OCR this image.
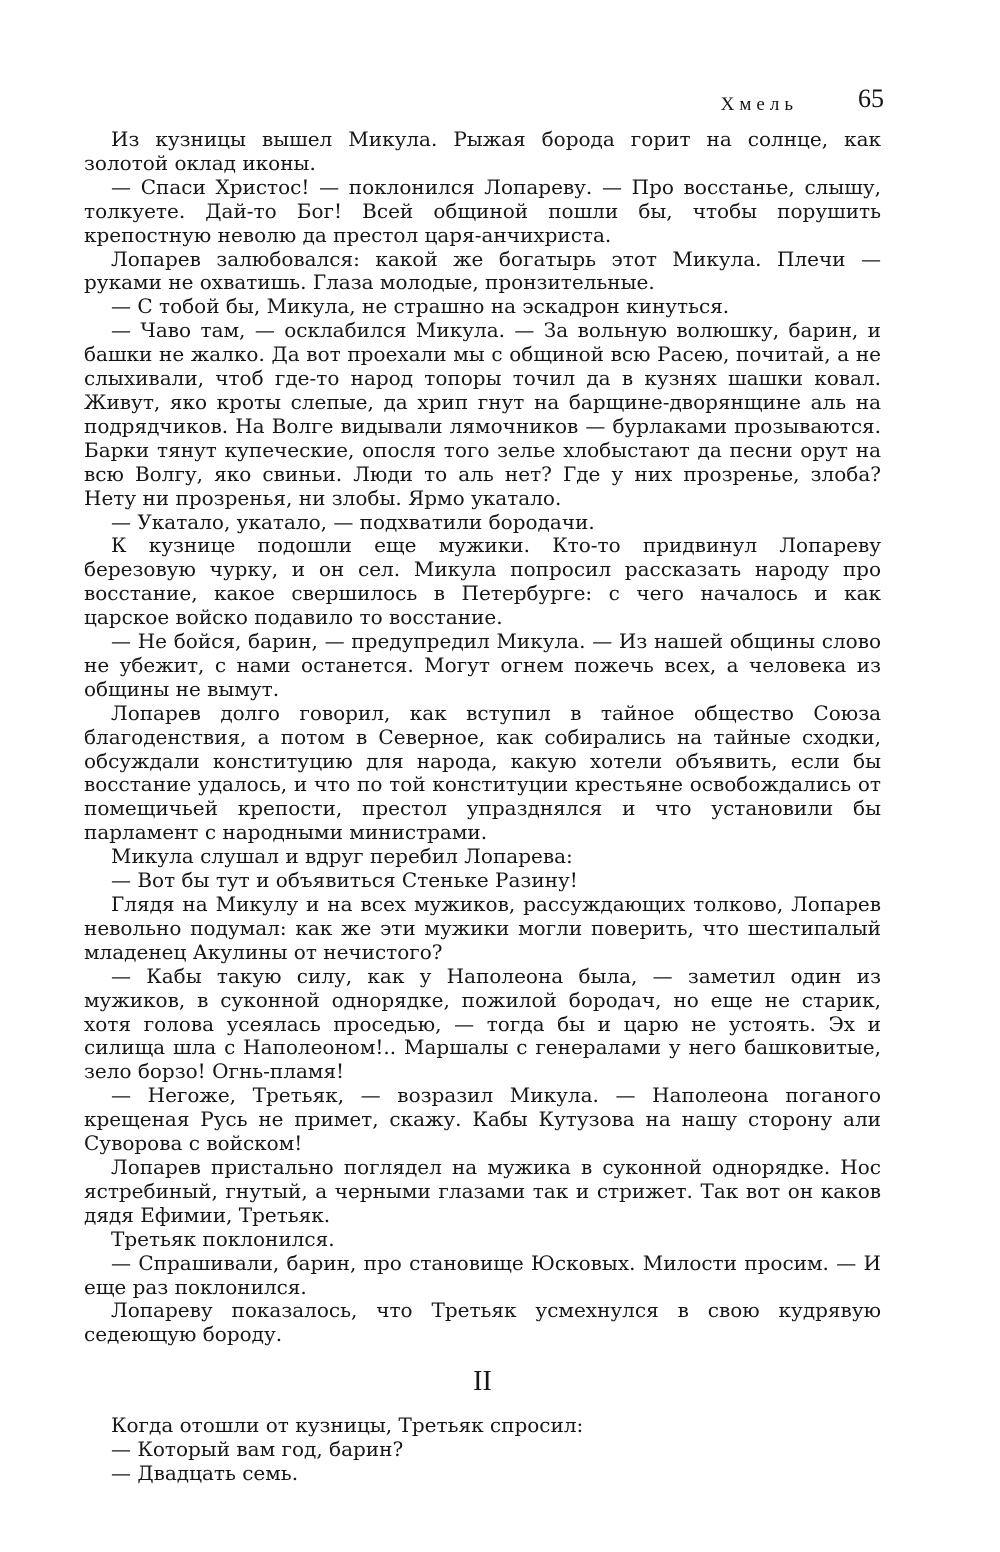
Хмель 65

Из кузницы вышел Микула. Рыжая борода горит на солнце, как золотой оклад иконы.

— Спаси Христос! — поклонился Лопареву. — Про восстанье, слышу, толкуете. Дай-то Бог! Всей общиной пошли бы, чтобы порушить крепостную неволю да престол царя-анчихриста.

Лопарев залюбовался: какой же богатырь этот Микула. Плечи — руками не охватишь. Глаза молодые, пронзительные.

— С тобой бы, Микула, не страшно на эскадрон кинуться.

— Чаво там, — осклабился Микула. — За вольную волюшку, барин, и башки не жалко. Да вот проехали мы с общиной всю Расею, почитай, а не слыхивали, чтоб где-то народ топоры точил да в кузнях шашки ковал. Живут, яко кроты слепые, да хрип гнут на барщине-дворянщине аль на подрядчиков. На Волге видывали лямочников — бурлаками прозываются. Барки тянут купеческие, опосля того зелье хлобыстают да песни орут на всю Волгу, яко свиньи. Люди то аль нет? Где у них прозренье, злоба? Нету ни прозренья, ни злобы. Ярмо укатало.

— Укатало, укатало, — подхватили бородачи.

К кузнице подошли еще мужики. Кто-то придвинул Лопареву березовую чурку, и он сел. Микула попросил рассказать народу про восстание, какое свершилось в Петербурге: с чего началось и как царское войско подавило то восстание.

— Не бойся, барин, — предупредил Микула. — Из нашей общины слово не убежит, с нами останется. Могут огнем пожечь всех, а человека из общины не вымут.

Лопарев долго говорил, как вступил в тайное общество Союза благоденствия, а потом в Северное, как собирались на тайные сходки, обсуждали конституцию для народа, какую хотели объявить, если бы восстание удалось, и что по той конституции крестьяне освобождались от помещичьей крепости, престол упразднялся и что установили бы парламент с народными министрами.

Микула слушал и вдруг перебил Лопарева:

— Вот бы тут и объявиться Стеньке Разину!

Глядя на Микулу и на всех мужиков, рассуждающих толково, Лопарев невольно подумал: как же эти мужики могли поверить, что шестипалый младенец Акулины от нечистого?

— Кабы такую силу, как у Наполеона была, — заметил один из мужиков, в суконной однорядке, пожилой бородач, но еще не старик, хотя голова усеялась проседью, — тогда бы и царю не устоять. Эх и силища шла с Наполеоном!.. Маршалы с генералами у него башковитые, зело борзо! Огнь-пламя!

— Негоже, Третьяк, — возразил Микула. — Наполеона поганого крещеная Русь не примет, скажу. Кабы Кутузова на нашу сторону али Суворова с войском!

Лопарев пристально поглядел на мужика в суконной однорядке. Нос ястребиный, гнутый, а черными глазами так и стрижет. Так вот он каков дядя Ефимии, Третьяк.

Третьяк поклонился.

— Спрашивали, барин, про становище Юсковых. Милости просим. — И еще раз поклонился.

Лопареву показалось, что Третьяк усмехнулся в свою кудрявую седеющую бороду.

II

Когда отошли от кузницы, Третьяк спросил:

— Который вам год, барин?

— Двадцать семь.
